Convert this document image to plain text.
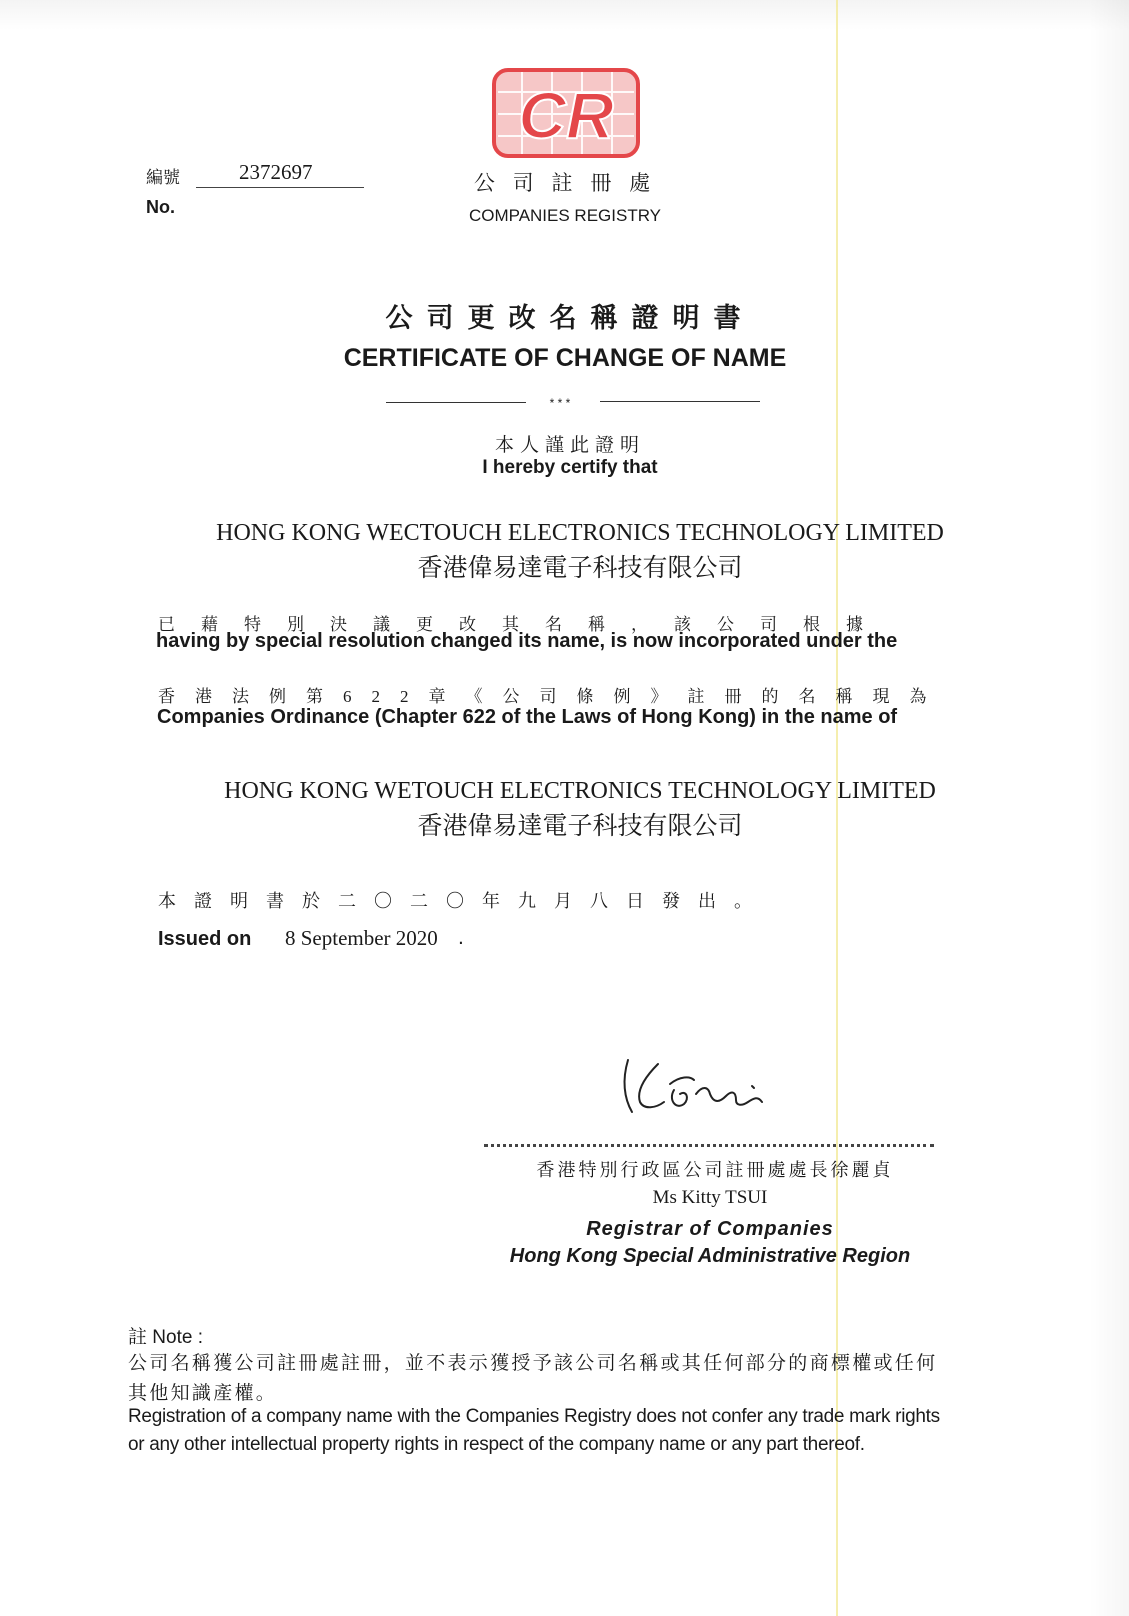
編號	2372697
No.
CR
公 司 註 冊 處
COMPANIES REGISTRY
公司更改名稱證明書
CERTIFICATE OF CHANGE OF NAME
* * *
本人謹此證明
I hereby certify that
HONG KONG WECTOUCH ELECTRONICS TECHNOLOGY LIMITED
香港偉易達電子科技有限公司
已藉特別決議更改其名稱，該公司根據
having by special resolution changed its name, is now incorporated under the
香港法例第622章《公司條例》註冊的名稱現為
Companies Ordinance (Chapter 622 of the Laws of Hong Kong) in the name of
HONG KONG WETOUCH ELECTRONICS TECHNOLOGY LIMITED
香港偉易達電子科技有限公司
本證明書於二〇二〇年九月八日發出。
Issued on 8 September 2020 .
香港特別行政區公司註冊處處長徐麗貞
Ms Kitty TSUI
Registrar of Companies
Hong Kong Special Administrative Region
註 Note :
公司名稱獲公司註冊處註冊，並不表示獲授予該公司名稱或其任何部分的商標權或任何
其他知識產權。
Registration of a company name with the Companies Registry does not confer any trade mark rights
or any other intellectual property rights in respect of the company name or any part thereof.
